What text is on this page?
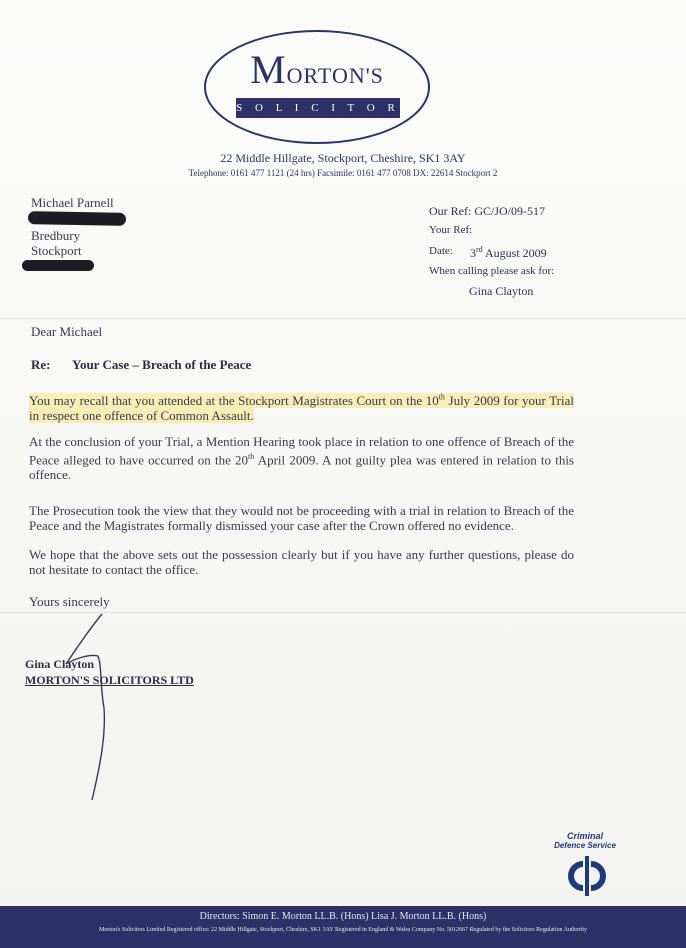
MORTON'S
S O L I C I T O R S
22 Middle Hillgate, Stockport, Cheshire, SK1 3AY
Telephone: 0161 477 1121 (24 hrs) Facsimile: 0161 477 0708 DX: 22614 Stockport 2
Michael Parnell
Bredbury
Stockport
Our Ref: GC/JO/09-517
Your Ref:
Date: 3rd August 2009
When calling please ask for:
Gina Clayton
Dear Michael
Re: Your Case – Breach of the Peace
You may recall that you attended at the Stockport Magistrates Court on the 10th July 2009 for your Trial in respect one offence of Common Assault.
At the conclusion of your Trial, a Mention Hearing took place in relation to one offence of Breach of the Peace alleged to have occurred on the 20th April 2009. A not guilty plea was entered in relation to this offence.
The Prosecution took the view that they would not be proceeding with a trial in relation to Breach of the Peace and the Magistrates formally dismissed your case after the Crown offered no evidence.
We hope that the above sets out the possession clearly but if you have any further questions, please do not hesitate to contact the office.
Yours sincerely
Gina Clayton
MORTON'S SOLICITORS LTD
Criminal
Defence Service
Directors: Simon E. Morton LL.B. (Hons) Lisa J. Morton LL.B. (Hons)
Morton's Solicitors Limited Registered office: 22 Middle Hillgate, Stockport, Cheshire, SK1 3AY Registered in England & Wales Company No. 5012667 Regulated by the Solicitors Regulation Authority
